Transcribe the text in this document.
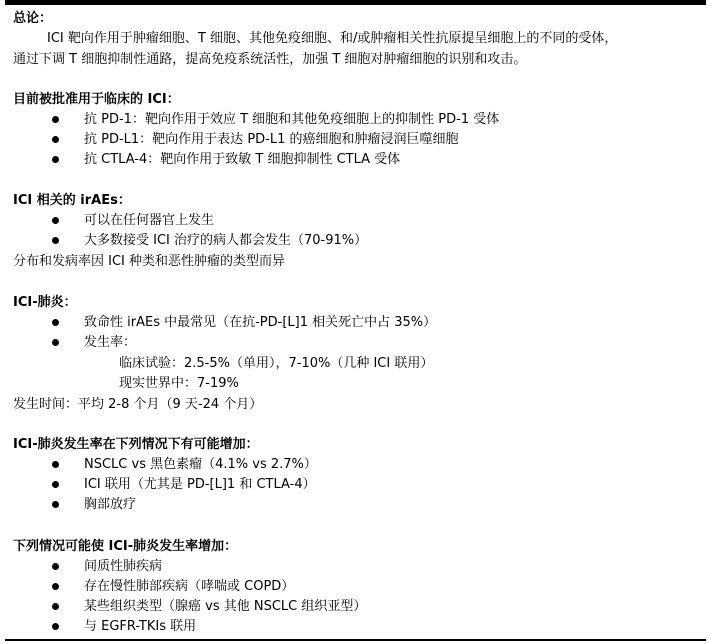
总论：
ICI 靶向作用于肿瘤细胞、T 细胞、其他免疫细胞、和/或肿瘤相关性抗原提呈细胞上的不同的受体，
通过下调 T 细胞抑制性通路，提高免疫系统活性，加强 T 细胞对肿瘤细胞的识别和攻击。
目前被批准用于临床的 ICI：
抗 PD-1：靶向作用于效应 T 细胞和其他免疫细胞上的抑制性 PD-1 受体
抗 PD-L1：靶向作用于表达 PD-L1 的癌细胞和肿瘤浸润巨噬细胞
抗 CTLA-4：靶向作用于致敏 T 细胞抑制性 CTLA 受体
ICI 相关的 irAEs：
可以在任何器官上发生
大多数接受 ICI 治疗的病人都会发生（70-91%）
分布和发病率因 ICI 种类和恶性肿瘤的类型而异
ICI-肺炎：
致命性 irAEs 中最常见（在抗-PD-[L]1 相关死亡中占 35%）
发生率：
临床试验：2.5-5%（单用），7-10%（几种 ICI 联用）
现实世界中：7-19%
发生时间：平均 2-8 个月（9 天-24 个月）
ICI-肺炎发生率在下列情况下有可能增加：
NSCLC vs 黑色素瘤（4.1% vs 2.7%）
ICI 联用（尤其是 PD-[L]1 和 CTLA-4）
胸部放疗
下列情况可能使 ICI-肺炎发生率增加：
间质性肺疾病
存在慢性肺部疾病（哮喘或 COPD）
某些组织类型（腺癌 vs 其他 NSCLC 组织亚型）
与 EGFR-TKIs 联用
